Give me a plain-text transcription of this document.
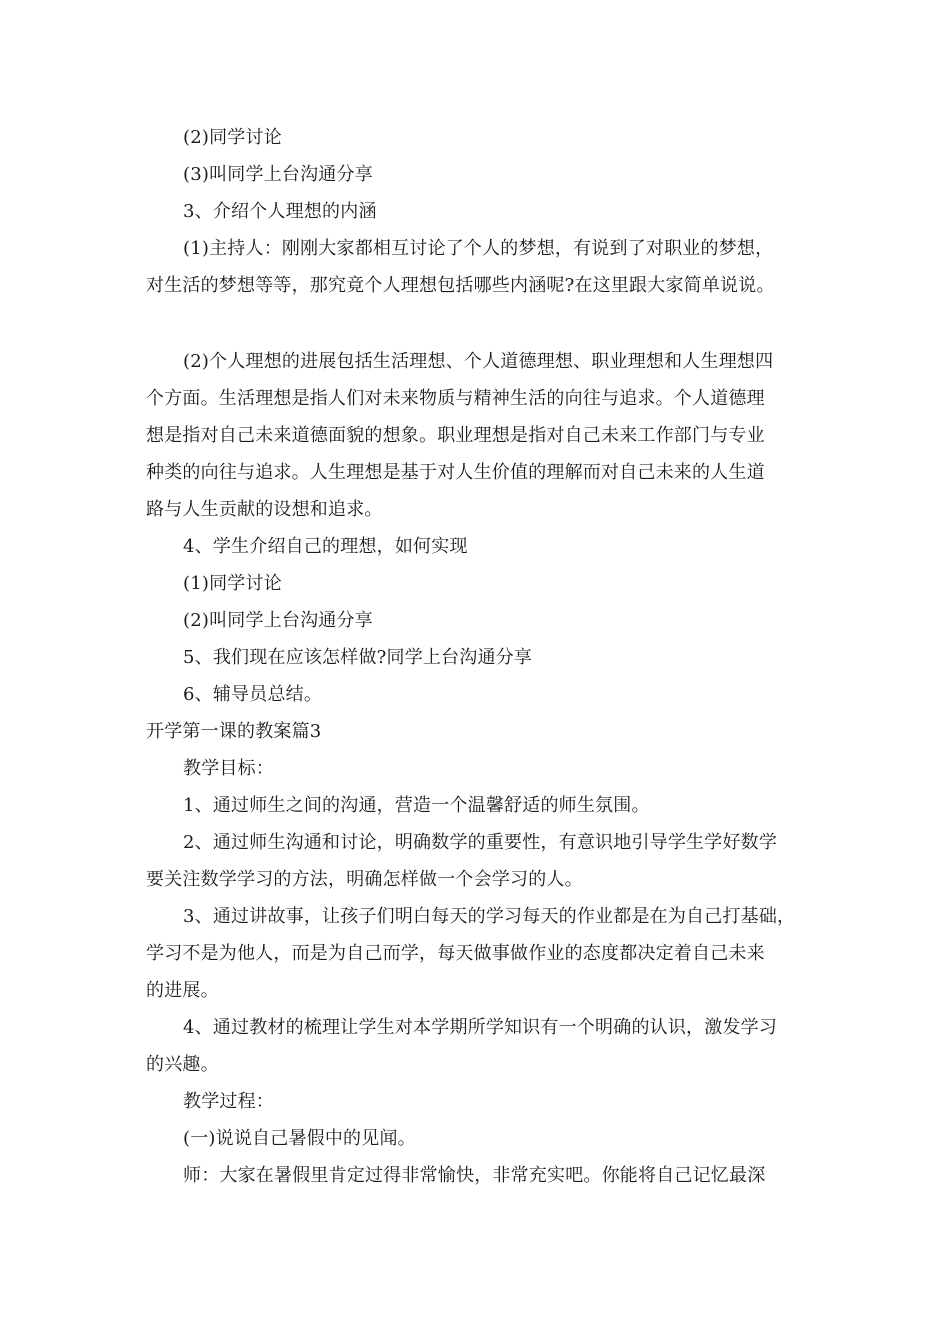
(2)同学讨论
(3)叫同学上台沟通分享
3、介绍个人理想的内涵
(1)主持人：刚刚大家都相互讨论了个人的梦想，有说到了对职业的梦想，
对生活的梦想等等，那究竟个人理想包括哪些内涵呢?在这里跟大家简单说说。
(2)个人理想的进展包括生活理想、个人道德理想、职业理想和人生理想四
个方面。生活理想是指人们对未来物质与精神生活的向往与追求。个人道德理
想是指对自己未来道德面貌的想象。职业理想是指对自己未来工作部门与专业
种类的向往与追求。人生理想是基于对人生价值的理解而对自己未来的人生道
路与人生贡献的设想和追求。
4、学生介绍自己的理想，如何实现
(1)同学讨论
(2)叫同学上台沟通分享
5、我们现在应该怎样做?同学上台沟通分享
6、辅导员总结。
开学第一课的教案篇3
教学目标：
1、通过师生之间的沟通，营造一个温馨舒适的师生氛围。
2、通过师生沟通和讨论，明确数学的重要性，有意识地引导学生学好数学
要关注数学学习的方法，明确怎样做一个会学习的人。
3、通过讲故事，让孩子们明白每天的学习每天的作业都是在为自己打基础，
学习不是为他人，而是为自己而学，每天做事做作业的态度都决定着自己未来
的进展。
4、通过教材的梳理让学生对本学期所学知识有一个明确的认识，激发学习
的兴趣。
教学过程：
(一)说说自己暑假中的见闻。
师：大家在暑假里肯定过得非常愉快，非常充实吧。你能将自己记忆最深
